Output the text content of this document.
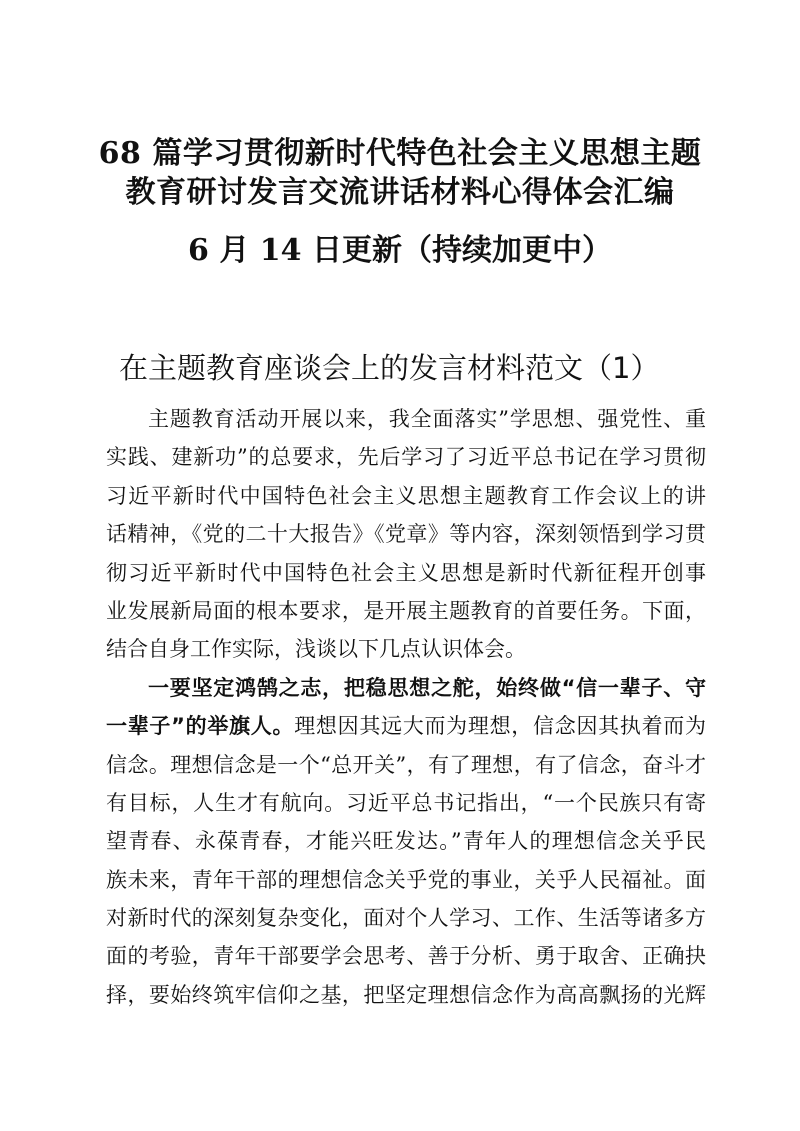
68 篇学习贯彻新时代特色社会主义思想主题
教育研讨发言交流讲话材料心得体会汇编
6 月 14 日更新（持续加更中）
在主题教育座谈会上的发言材料范文（1）
主题教育活动开展以来，我全面落实”学思想、强党性、重
实践、建新功”的总要求，先后学习了习近平总书记在学习贯彻
习近平新时代中国特色社会主义思想主题教育工作会议上的讲
话精神，《党的二十大报告》《党章》等内容，深刻领悟到学习贯
彻习近平新时代中国特色社会主义思想是新时代新征程开创事
业发展新局面的根本要求，是开展主题教育的首要任务。下面，
结合自身工作实际，浅谈以下几点认识体会。
一要坚定鸿鹄之志，把稳思想之舵，始终做“信一辈子、守
一辈子”的举旗人。理想因其远大而为理想，信念因其执着而为
信念。理想信念是一个“总开关”，有了理想，有了信念，奋斗才
有目标，人生才有航向。习近平总书记指出，“一个民族只有寄
望青春、永葆青春，才能兴旺发达。”青年人的理想信念关乎民
族未来，青年干部的理想信念关乎党的事业，关乎人民福祉。面
对新时代的深刻复杂变化，面对个人学习、工作、生活等诸多方
面的考验，青年干部要学会思考、善于分析、勇于取舍、正确抉
择，要始终筑牢信仰之基，把坚定理想信念作为高高飘扬的光辉
